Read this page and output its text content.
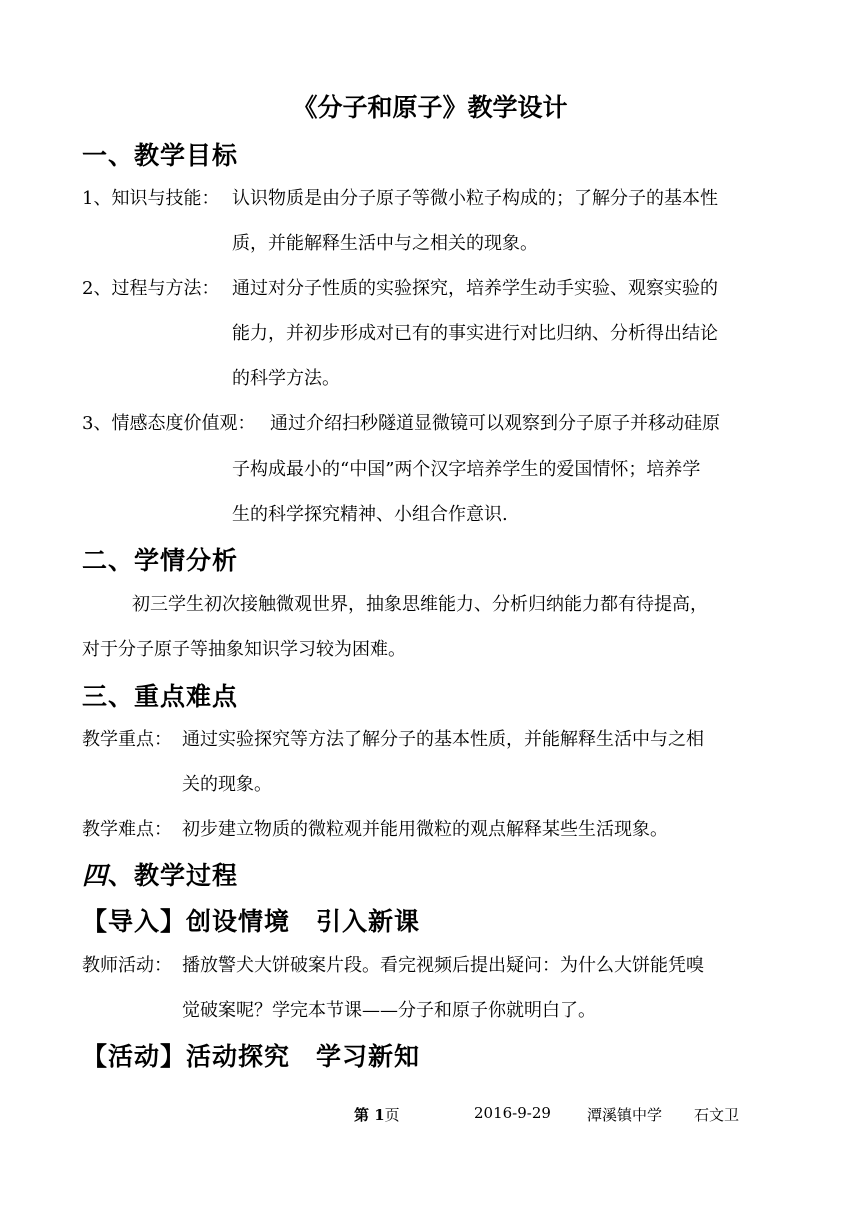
《分子和原子》教学设计
一、教学目标
1、知识与技能： 认识物质是由分子原子等微小粒子构成的；了解分子的基本性
质，并能解释生活中与之相关的现象。
2、过程与方法： 通过对分子性质的实验探究，培养学生动手实验、观察实验的
能力，并初步形成对已有的事实进行对比归纳、分析得出结论
的科学方法。
3、情感态度价值观： 通过介绍扫秒隧道显微镜可以观察到分子原子并移动硅原
子构成最小的“中国”两个汉字培养学生的爱国情怀；培养学
生的科学探究精神、小组合作意识.
二、学情分析
初三学生初次接触微观世界，抽象思维能力、分析归纳能力都有待提高，
对于分子原子等抽象知识学习较为困难。
三、重点难点
教学重点： 通过实验探究等方法了解分子的基本性质，并能解释生活中与之相
关的现象。
教学难点： 初步建立物质的微粒观并能用微粒的观点解释某些生活现象。
四、教学过程
【导入】创设情境　引入新课
教师活动： 播放警犬大饼破案片段。看完视频后提出疑问：为什么大饼能凭嗅
觉破案呢？学完本节课——分子和原子你就明白了。
【活动】活动探究　学习新知
第 1页	2016-9-29 潭溪镇中学 石文卫
